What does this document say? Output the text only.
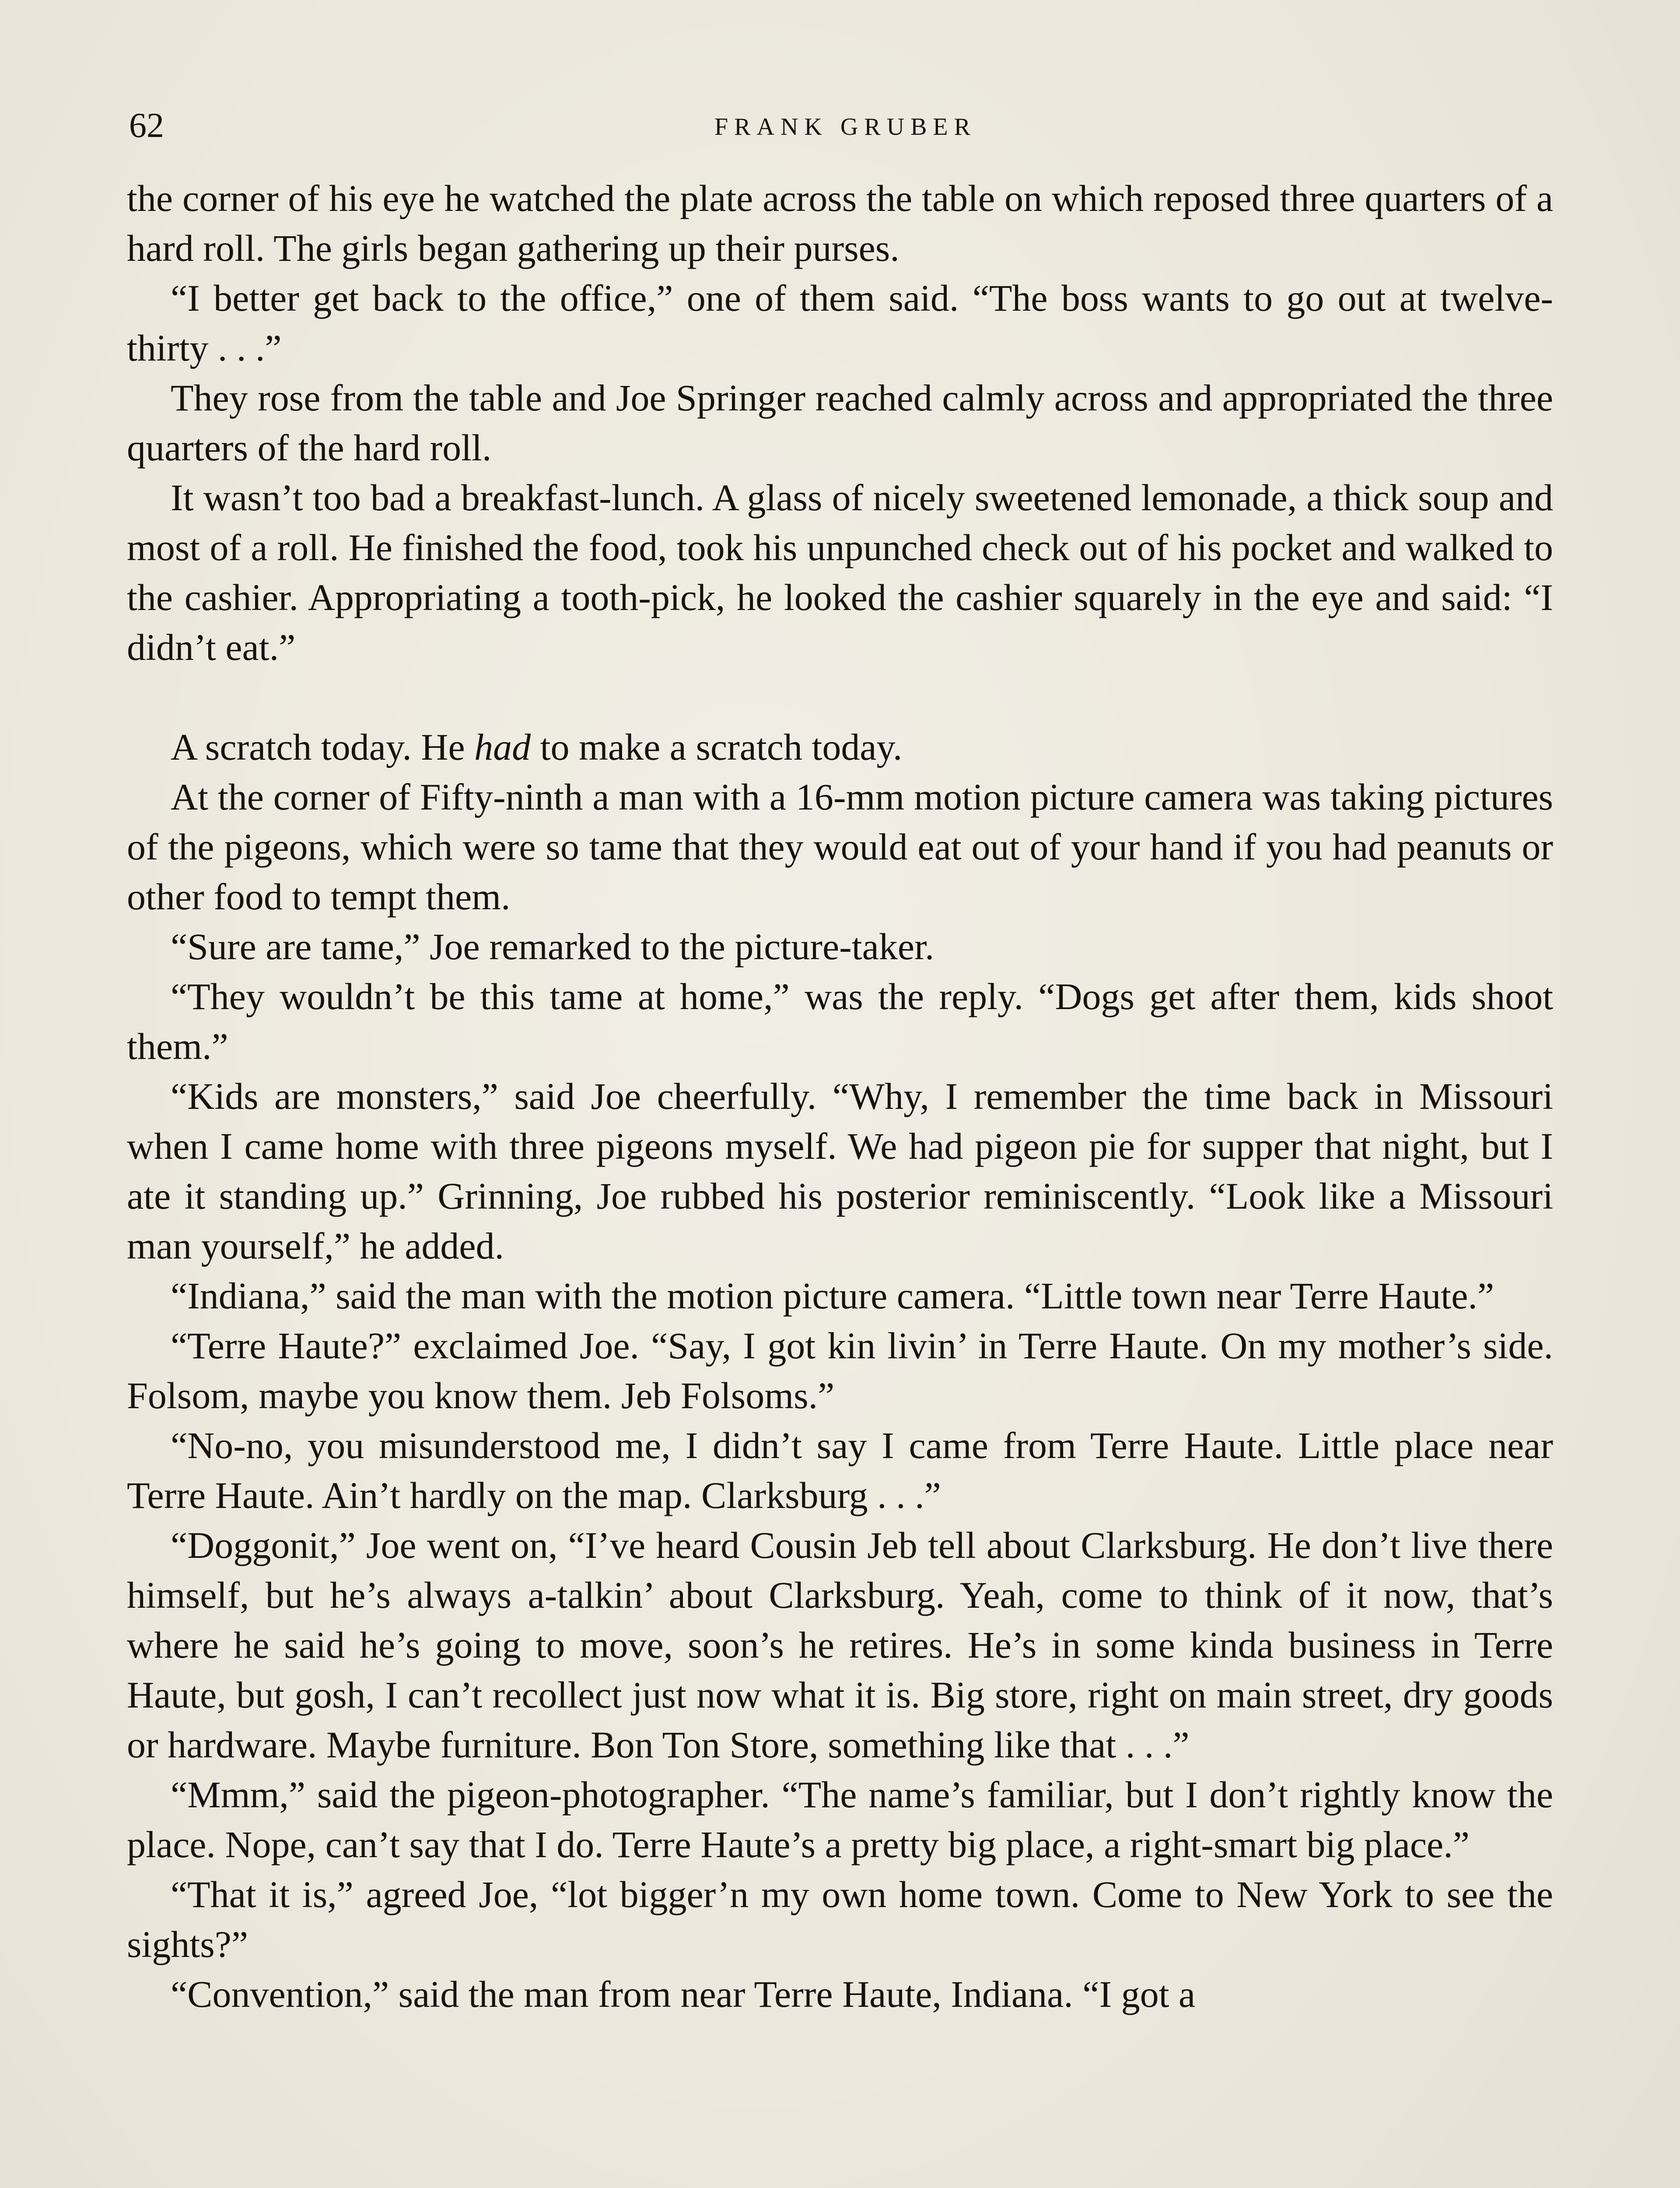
62	FRANK GRUBER

the corner of his eye he watched the plate across the table on which reposed three quarters of a hard roll. The girls began gathering up their purses.

“I better get back to the office,” one of them said. “The boss wants to go out at twelve-thirty . . .”

They rose from the table and Joe Springer reached calmly across and appropriated the three quarters of the hard roll.

It wasn’t too bad a breakfast-lunch. A glass of nicely sweetened lemonade, a thick soup and most of a roll. He finished the food, took his unpunched check out of his pocket and walked to the cashier. Appropriating a tooth-pick, he looked the cashier squarely in the eye and said: “I didn’t eat.”

A scratch today. He had to make a scratch today.

At the corner of Fifty-ninth a man with a 16-mm motion picture camera was taking pictures of the pigeons, which were so tame that they would eat out of your hand if you had peanuts or other food to tempt them.

“Sure are tame,” Joe remarked to the picture-taker.

“They wouldn’t be this tame at home,” was the reply. “Dogs get after them, kids shoot them.”

“Kids are monsters,” said Joe cheerfully. “Why, I remember the time back in Missouri when I came home with three pigeons myself. We had pigeon pie for supper that night, but I ate it standing up.” Grinning, Joe rubbed his posterior reminiscently. “Look like a Missouri man yourself,” he added.

“Indiana,” said the man with the motion picture camera. “Little town near Terre Haute.”

“Terre Haute?” exclaimed Joe. “Say, I got kin livin’ in Terre Haute. On my mother’s side. Folsom, maybe you know them. Jeb Folsoms.”

“No-no, you misunderstood me, I didn’t say I came from Terre Haute. Little place near Terre Haute. Ain’t hardly on the map. Clarksburg . . .”

“Doggonit,” Joe went on, “I’ve heard Cousin Jeb tell about Clarksburg. He don’t live there himself, but he’s always a-talkin’ about Clarksburg. Yeah, come to think of it now, that’s where he said he’s going to move, soon’s he retires. He’s in some kinda business in Terre Haute, but gosh, I can’t recollect just now what it is. Big store, right on main street, dry goods or hardware. Maybe furniture. Bon Ton Store, something like that . . .”

“Mmm,” said the pigeon-photographer. “The name’s familiar, but I don’t rightly know the place. Nope, can’t say that I do. Terre Haute’s a pretty big place, a right-smart big place.”

“That it is,” agreed Joe, “lot bigger’n my own home town. Come to New York to see the sights?”

“Convention,” said the man from near Terre Haute, Indiana. “I got a
